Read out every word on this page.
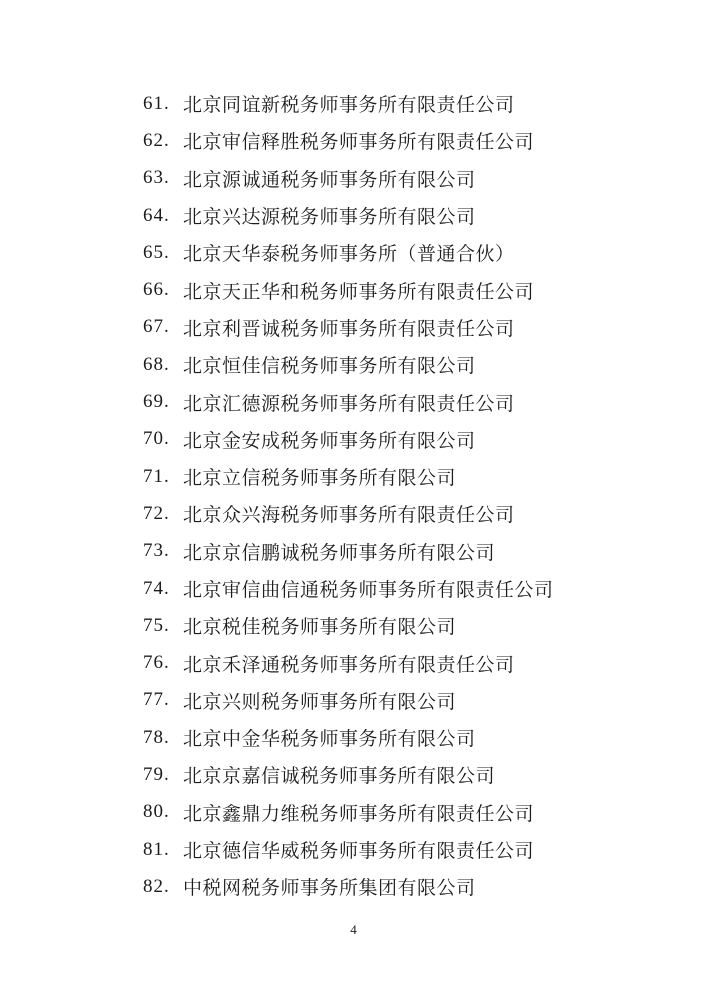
61. 北京同谊新税务师事务所有限责任公司
62. 北京审信释胜税务师事务所有限责任公司
63. 北京源诚通税务师事务所有限公司
64. 北京兴达源税务师事务所有限公司
65. 北京天华泰税务师事务所（普通合伙）
66. 北京天正华和税务师事务所有限责任公司
67. 北京利晋诚税务师事务所有限责任公司
68. 北京恒佳信税务师事务所有限公司
69. 北京汇德源税务师事务所有限责任公司
70. 北京金安成税务师事务所有限公司
71. 北京立信税务师事务所有限公司
72. 北京众兴海税务师事务所有限责任公司
73. 北京京信鹏诚税务师事务所有限公司
74. 北京审信曲信通税务师事务所有限责任公司
75. 北京税佳税务师事务所有限公司
76. 北京禾泽通税务师事务所有限责任公司
77. 北京兴则税务师事务所有限公司
78. 北京中金华税务师事务所有限公司
79. 北京京嘉信诚税务师事务所有限公司
80. 北京鑫鼎力维税务师事务所有限责任公司
81. 北京德信华威税务师事务所有限责任公司
82. 中税网税务师事务所集团有限公司
4
